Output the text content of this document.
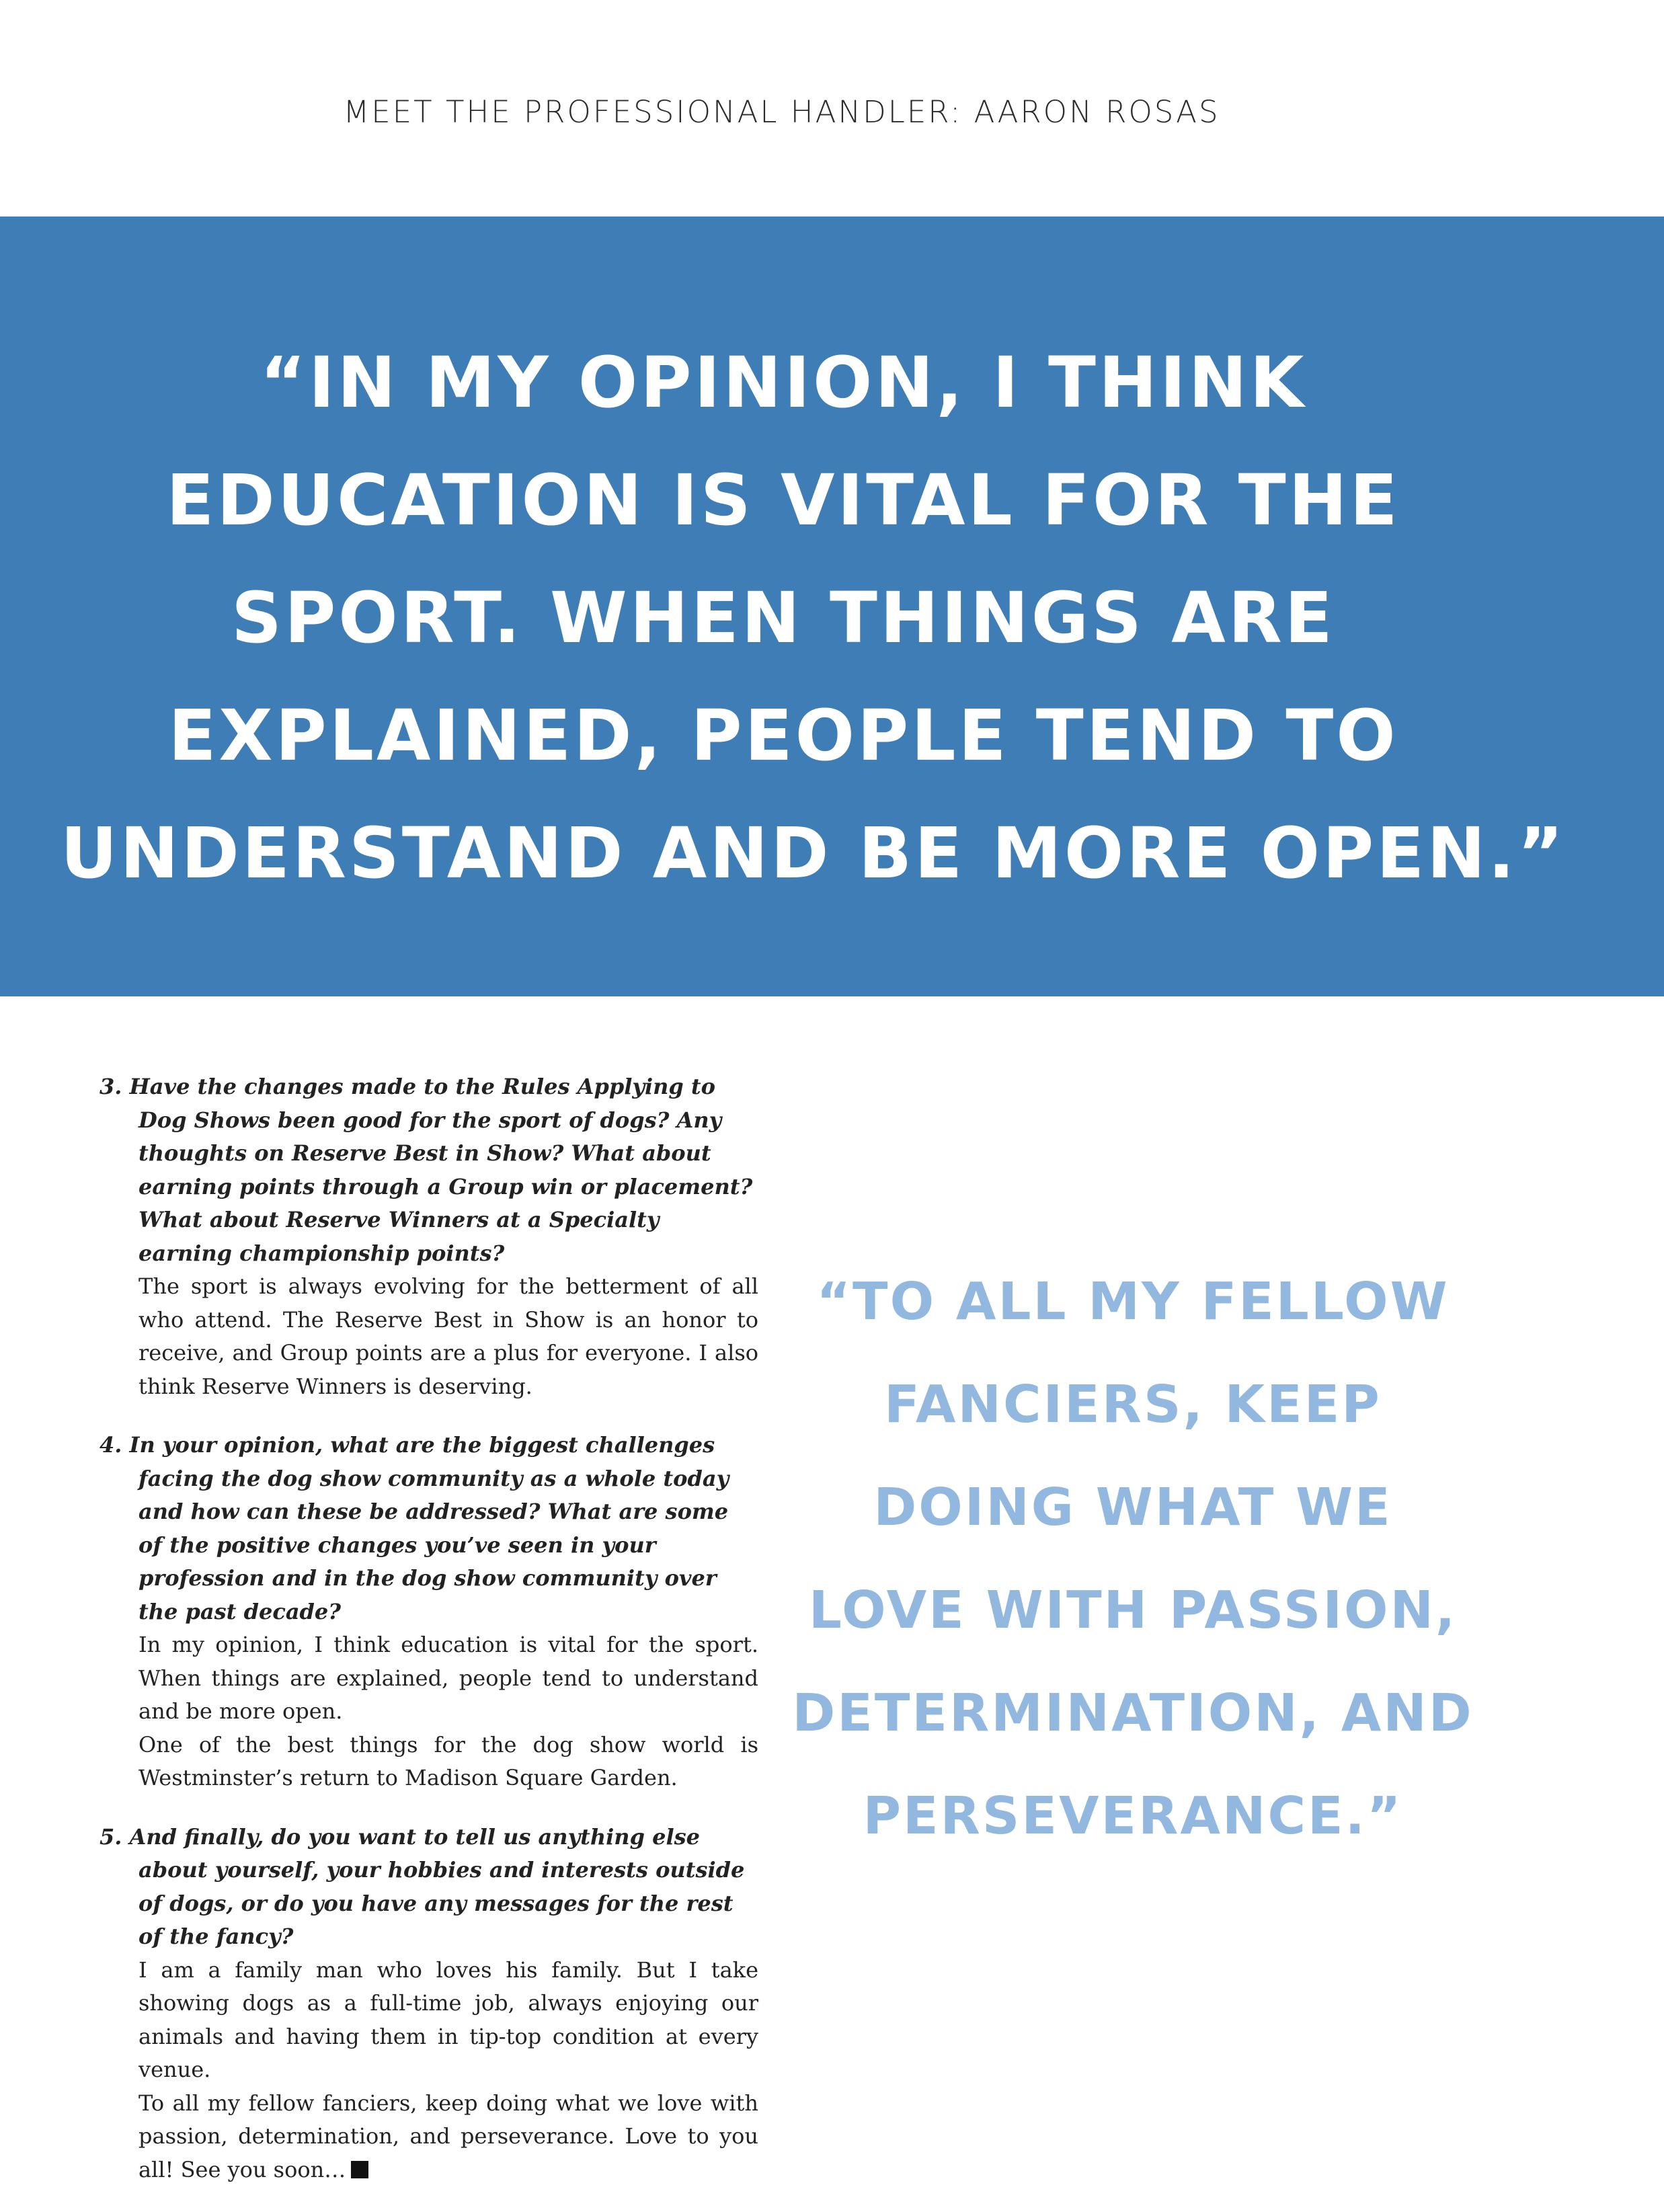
MEET THE PROFESSIONAL HANDLER: AARON ROSAS

“IN MY OPINION, I THINK
EDUCATION IS VITAL FOR THE
SPORT. WHEN THINGS ARE
EXPLAINED, PEOPLE TEND TO
UNDERSTAND AND BE MORE OPEN.”

3. Have the changes made to the Rules Applying to Dog Shows been good for the sport of dogs? Any thoughts on Reserve Best in Show? What about earning points through a Group win or placement? What about Reserve Winners at a Specialty earning championship points?

The sport is always evolving for the betterment of all who attend. The Reserve Best in Show is an honor to receive, and Group points are a plus for everyone. I also think Reserve Winners is deserving.

4. In your opinion, what are the biggest challenges facing the dog show community as a whole today and how can these be addressed? What are some of the positive changes you’ve seen in your profession and in the dog show community over the past decade?

In my opinion, I think education is vital for the sport. When things are explained, people tend to understand and be more open.

One of the best things for the dog show world is Westminster’s return to Madison Square Garden.

5. And finally, do you want to tell us anything else about yourself, your hobbies and interests outside of dogs, or do you have any messages for the rest of the fancy?

I am a family man who loves his family. But I take showing dogs as a full-time job, always enjoying our animals and having them in tip-top condition at every venue.

To all my fellow fanciers, keep doing what we love with passion, determination, and perseverance. Love to you all! See you soon…

“TO ALL MY FELLOW
FANCIERS, KEEP
DOING WHAT WE
LOVE WITH PASSION,
DETERMINATION, AND
PERSEVERANCE.”
